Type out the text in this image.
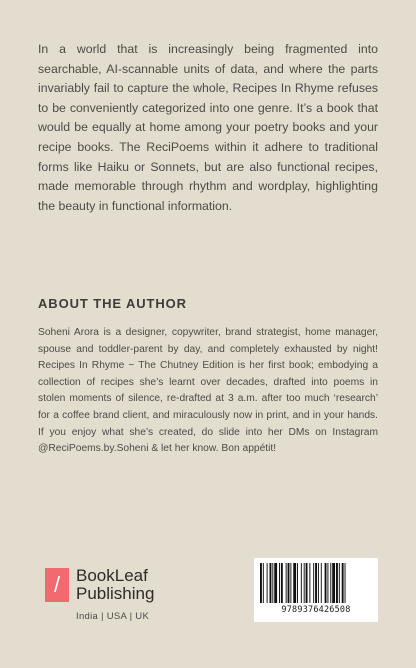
In a world that is increasingly being fragmented into searchable, AI-scannable units of data, and where the parts invariably fail to capture the whole, Recipes In Rhyme refuses to be conveniently categorized into one genre. It’s a book that would be equally at home among your poetry books and your recipe books. The ReciPoems within it adhere to traditional forms like Haiku or Sonnets, but are also functional recipes, made memorable through rhythm and wordplay, highlighting the beauty in functional information.

ABOUT THE AUTHOR

Soheni Arora is a designer, copywriter, brand strategist, home manager, spouse and toddler-parent by day, and completely exhausted by night! Recipes In Rhyme ~ The Chutney Edition is her first book; embodying a collection of recipes she’s learnt over decades, drafted into poems in stolen moments of silence, re-drafted at 3 a.m. after too much ‘research’ for a coffee brand client, and miraculously now in print, and in your hands. If you enjoy what she’s created, do slide into her DMs on Instagram @ReciPoems.by.Soheni & let her know. Bon appétit!

/ BookLeaf
Publishing
India | USA | UK
9789376426508
